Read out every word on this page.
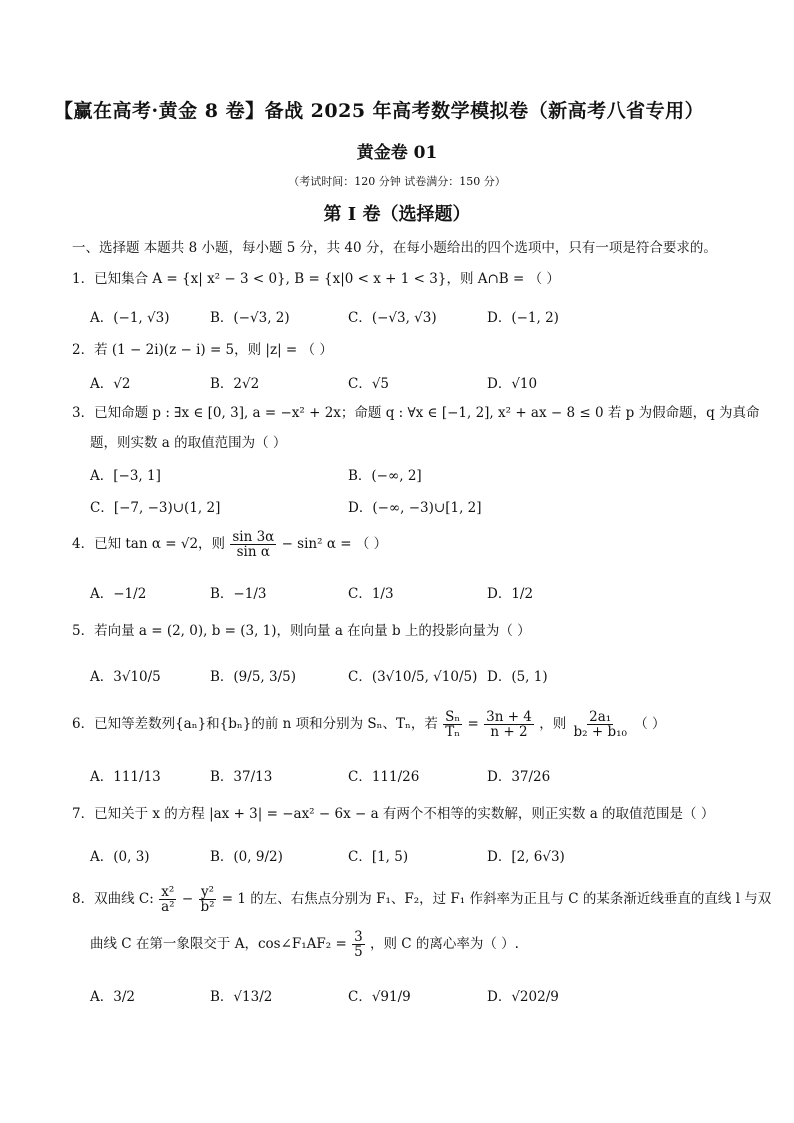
【赢在高考·黄金 8 卷】备战 2025 年高考数学模拟卷（新高考八省专用）
黄金卷 01
（考试时间：120 分钟 试卷满分：150 分）
第 I 卷（选择题）
一、选择题 本题共 8 小题，每小题 5 分，共 40 分，在每小题给出的四个选项中，只有一项是符合要求的。
1．已知集合 A = {x| x² − 3 < 0}, B = {x|0 < x + 1 < 3}，则 A∩B = （ ）
A．(−1, √3)	B．(−√3, 2)	C．(−√3, √3)	D．(−1, 2)
2．若 (1 − 2i)(z − i) = 5，则 |z| = （ ）
A．√2	B．2√2	C．√5	D．√10
3．已知命题 p : ∃x ∈ [0, 3], a = −x² + 2x；命题 q : ∀x ∈ [−1, 2], x² + ax − 8 ≤ 0 若 p 为假命题，q 为真命
题，则实数 a 的取值范围为（ ）
A．[−3, 1]	B．(−∞, 2]
C．[−7, −3)∪(1, 2]	D．(−∞, −3)∪[1, 2]
4．已知 tan α = √2，则 $\frac{\sin 3\alpha}{\text{sin α}} - \sin^2$ α = （ ）
A．−1/2	B．−1/3	C．1/3	D．1/2
5．若向量 a = (2, 0), b = (3, 1)，则向量 a 在向量 b 上的投影向量为（ ）
A．3√10/5	B．(9/5, 3/5)	C．(3√10/5, √10/5) D．(5, 1)
6．已知等差数列{aₙ}和{bₙ}的前 n 项和分别为 Sₙ、Tₙ，若 $\frac{\text{Sₙ}}{\text{Tₙ}} = \frac{3n + 4}{n + 2}$ ，则 $\frac{\text{2a₁}}{\text{b₂ + b₁₀}}$ （ ）
A．111/13	B．37/13	C．111/26	D．37/26
7．已知关于 x 的方程 |ax + 3| = −ax² − 6x − a 有两个不相等的实数解，则正实数 a 的取值范围是（ ）
A．(0, 3)	B．(0, 9/2)	C．[1, 5)	D．[2, 6√3)
8．双曲线 C: $\frac{\text{x²}}{\text{a²}} - \frac{\text{y²}}{\text{b²}} = 1$ 的左、右焦点分别为 F₁、F₂，过 F₁ 作斜率为正且与 C 的某条渐近线垂直的直线 l 与双
曲线 C 在第一象限交于 A，cos∠F₁AF₂ = $\frac{3}{5}$ ，则 C 的离心率为（ ）.
A．3/2	B．√13/2	C．√91/9	D．√202/9
